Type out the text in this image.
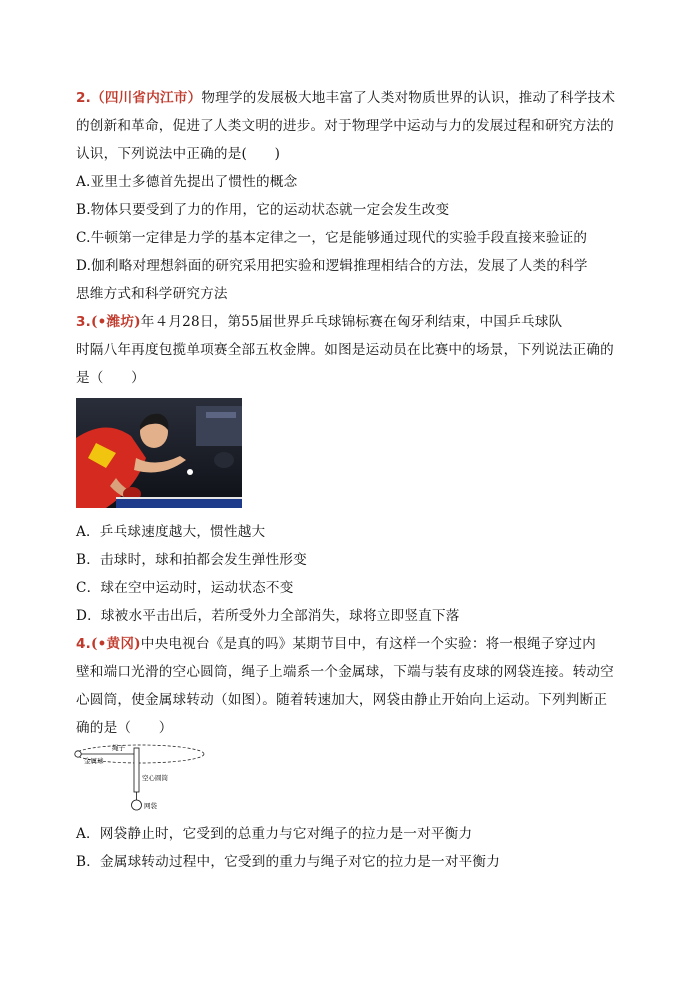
2.（四川省内江市）物理学的发展极大地丰富了人类对物质世界的认识，推动了科学技术
的创新和革命，促进了人类文明的进步。对于物理学中运动与力的发展过程和研究方法的
认识，下列说法中正确的是(　　)
A.亚里士多德首先提出了惯性的概念
B.物体只要受到了力的作用，它的运动状态就一定会发生改变
C.牛顿第一定律是力学的基本定律之一，它是能够通过现代的实验手段直接来验证的
D.伽利略对理想斜面的研究采用把实验和逻辑推理相结合的方法，发展了人类的科学
思维方式和科学研究方法
3.(•潍坊)年４月28日，第55届世界乒乓球锦标赛在匈牙利结束，中国乒乓球队
时隔八年再度包揽单项赛全部五枚金牌。如图是运动员在比赛中的场景，下列说法正确的
是（　　）
A．乒乓球速度越大，惯性越大
B．击球时，球和拍都会发生弹性形变
C．球在空中运动时，运动状态不变
D．球被水平击出后，若所受外力全部消失，球将立即竖直下落
4.(•黄冈)中央电视台《是真的吗》某期节目中，有这样一个实验：将一根绳子穿过内
壁和端口光滑的空心圆筒，绳子上端系一个金属球，下端与装有皮球的网袋连接。转动空
心圆筒，使金属球转动（如图）。随着转速加大，网袋由静止开始向上运动。下列判断正
确的是（　　）
绳子
金属球
空心圆筒
网袋
A．网袋静止时，它受到的总重力与它对绳子的拉力是一对平衡力
B．金属球转动过程中，它受到的重力与绳子对它的拉力是一对平衡力
